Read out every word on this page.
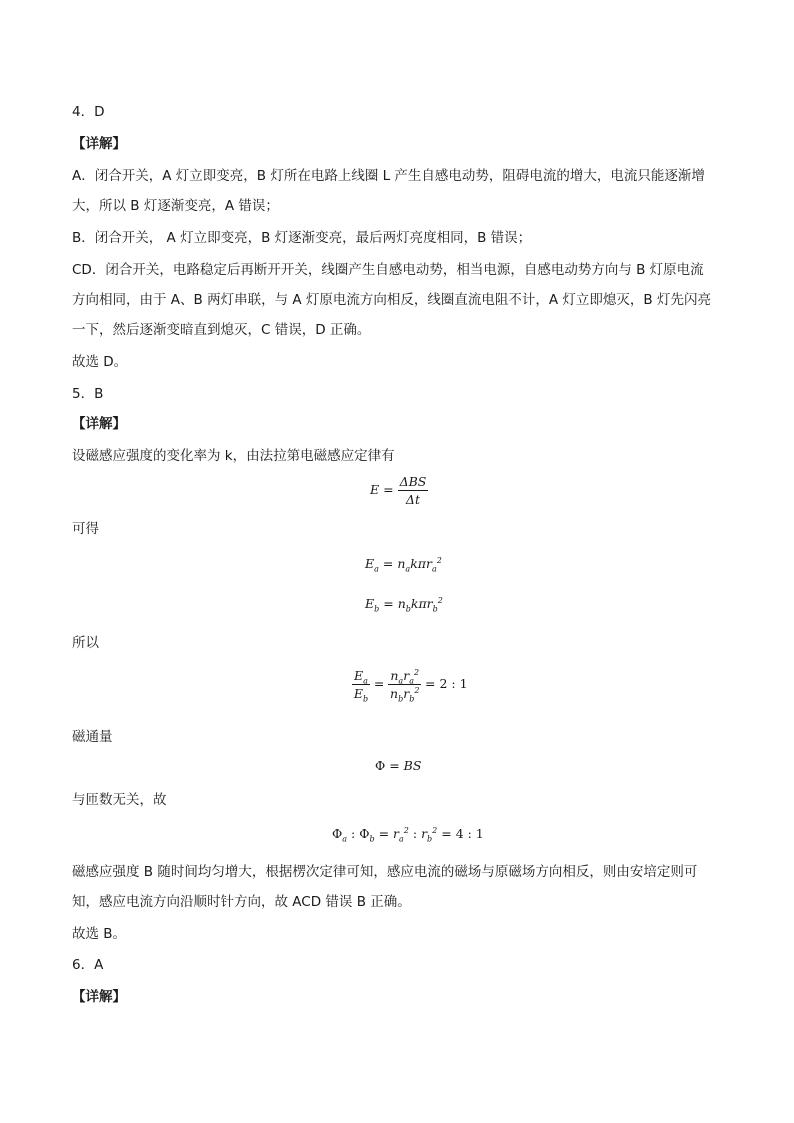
4．D
【详解】
A．闭合开关，A 灯立即变亮，B 灯所在电路上线圈 L 产生自感电动势，阻碍电流的增大，电流只能逐渐增
大，所以 B 灯逐渐变亮，A 错误；
B．闭合开关， A 灯立即变亮，B 灯逐渐变亮，最后两灯亮度相同，B 错误；
CD．闭合开关，电路稳定后再断开开关，线圈产生自感电动势，相当电源，自感电动势方向与 B 灯原电流
方向相同，由于 A、B 两灯串联，与 A 灯原电流方向相反，线圈直流电阻不计，A 灯立即熄灭，B 灯先闪亮
一下，然后逐渐变暗直到熄灭，C 错误，D 正确。
故选 D。
5．B
【详解】
设磁感应强度的变化率为 k，由法拉第电磁感应定律有
$E = \frac{\text{ΔBS}}{\Delta t}$
可得
$E_a = n_ak\pi r_a^2$
$E_b = n_bk\pi r_b^2$
所以
$\frac{E_a}{E_b} = \frac{n_ar_a^2}{n_br_b^2} = 2$ : 1
磁通量
Φ = BS
与匝数无关，故
$\Phi_a$ : $\Phi_b = r_a^2$ : $r_b^2 = 4$ : 1
磁感应强度 B 随时间均匀增大，根据楞次定律可知，感应电流的磁场与原磁场方向相反，则由安培定则可
知，感应电流方向沿顺时针方向，故 ACD 错误 B 正确。
故选 B。
6．A
【详解】
